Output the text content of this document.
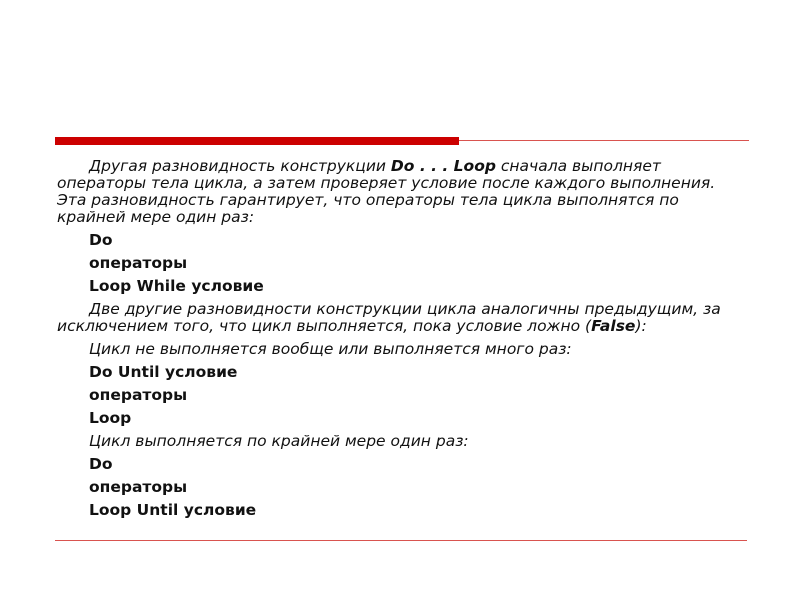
Другая разновидность конструкции Do . . . Loop сначала выполняет операторы тела цикла, а затем проверяет условие после каждого выполнения. Эта разновидность гарантирует, что операторы тела цикла выполнятся по крайней мере один раз:

Do
операторы
Loop While условие

Две другие разновидности конструкции цикла аналогичны предыдущим, за исключением того, что цикл выполняется, пока условие ложно (False):

Цикл не выполняется вообще или выполняется много раз:
Do Until условие
операторы
Loop
Цикл выполняется по крайней мере один раз:
Do
операторы
Loop Until условие
